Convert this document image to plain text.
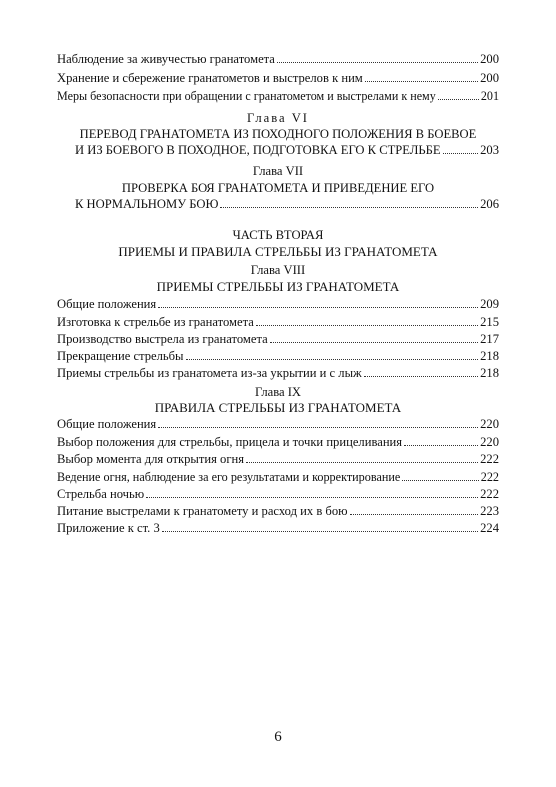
Наблюдение за живучестью гранатомета	200
Хранение и сбережение гранатометов и выстрелов к ним	200
Меры безопасности при обращении с гранатометом и выстрелами к нему	201
Глава VI
ПЕРЕВОД ГРАНАТОМЕТА ИЗ ПОХОДНОГО ПОЛОЖЕНИЯ В БОЕВОЕ
И ИЗ БОЕВОГО В ПОХОДНОЕ, ПОДГОТОВКА ЕГО К СТРЕЛЬБЕ	203
Глава VII
ПРОВЕРКА БОЯ ГРАНАТОМЕТА И ПРИВЕДЕНИЕ ЕГО
К НОРМАЛЬНОМУ БОЮ	206
ЧАСТЬ ВТОРАЯ
ПРИЕМЫ И ПРАВИЛА СТРЕЛЬБЫ ИЗ ГРАНАТОМЕТА
Глава VIII
ПРИЕМЫ СТРЕЛЬБЫ ИЗ ГРАНАТОМЕТА
Общие положения	209
Изготовка к стрельбе из гранатомета	215
Производство выстрела из гранатомета	217
Прекращение стрельбы	218
Приемы стрельбы из гранатомета из-за укрытии и с лыж	218
Глава IX
ПРАВИЛА СТРЕЛЬБЫ ИЗ ГРАНАТОМЕТА
Общие положения	220
Выбор положения для стрельбы, прицела и точки прицеливания	220
Выбор момента для открытия огня	222
Ведение огня, наблюдение за его результатами и корректирование	222
Стрельба ночью	222
Питание выстрелами к гранатомету и расход их в бою	223
Приложение к ст. 3	224
6
